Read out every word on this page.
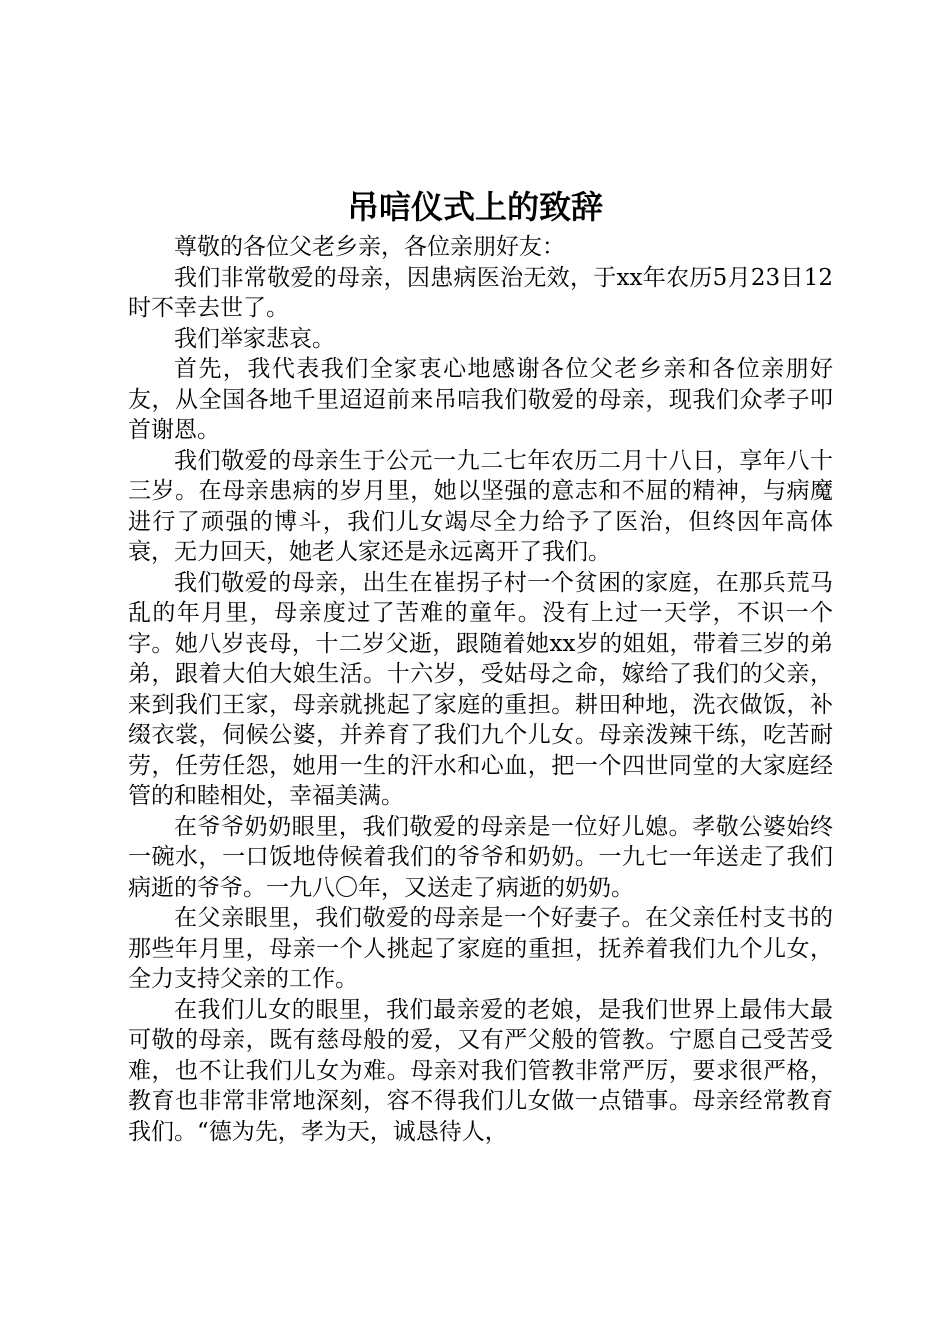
吊唁仪式上的致辞

尊敬的各位父老乡亲，各位亲朋好友：

我们非常敬爱的母亲，因患病医治无效，于xx年农历5月23日12时不幸去世了。

我们举家悲哀。

首先，我代表我们全家衷心地感谢各位父老乡亲和各位亲朋好友，从全国各地千里迢迢前来吊唁我们敬爱的母亲，现我们众孝子叩首谢恩。

我们敬爱的母亲生于公元一九二七年农历二月十八日，享年八十三岁。在母亲患病的岁月里，她以坚强的意志和不屈的精神，与病魔进行了顽强的博斗，我们儿女竭尽全力给予了医治，但终因年高体衰，无力回天，她老人家还是永远离开了我们。

我们敬爱的母亲，出生在崔拐子村一个贫困的家庭，在那兵荒马乱的年月里，母亲度过了苦难的童年。没有上过一天学，不识一个字。她八岁丧母，十二岁父逝，跟随着她xx岁的姐姐，带着三岁的弟弟，跟着大伯大娘生活。十六岁，受姑母之命，嫁给了我们的父亲，来到我们王家，母亲就挑起了家庭的重担。耕田种地，洗衣做饭，补缀衣裳，伺候公婆，并养育了我们九个儿女。母亲泼辣干练，吃苦耐劳，任劳任怨，她用一生的汗水和心血，把一个四世同堂的大家庭经管的和睦相处，幸福美满。

在爷爷奶奶眼里，我们敬爱的母亲是一位好儿媳。孝敬公婆始终一碗水，一口饭地侍候着我们的爷爷和奶奶。一九七一年送走了我们病逝的爷爷。一九八〇年，又送走了病逝的奶奶。

在父亲眼里，我们敬爱的母亲是一个好妻子。在父亲任村支书的那些年月里，母亲一个人挑起了家庭的重担，抚养着我们九个儿女，全力支持父亲的工作。

在我们儿女的眼里，我们最亲爱的老娘，是我们世界上最伟大最可敬的母亲，既有慈母般的爱，又有严父般的管教。宁愿自己受苦受难，也不让我们儿女为难。母亲对我们管教非常严厉，要求很严格，教育也非常非常地深刻，容不得我们儿女做一点错事。母亲经常教育我们。“德为先，孝为天，诚恳待人，
